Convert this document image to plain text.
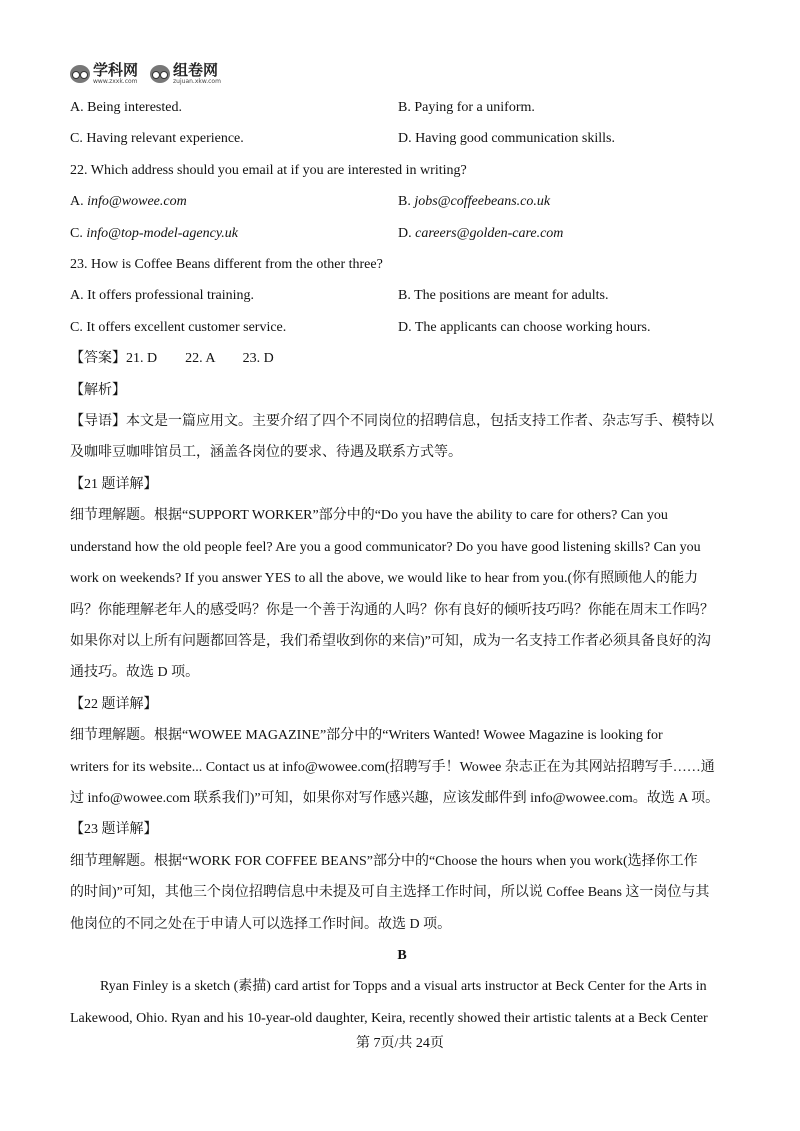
学科网
www.zxxk.com
组卷网
zujuan.xkw.com
A. Being interested.	B. Paying for a uniform.
C. Having relevant experience.	D. Having good communication skills.
22. Which address should you email at if you are interested in writing?
A. info@wowee.com	B. jobs@coffeebeans.co.uk
C. info@top-model-agency.uk	D. careers@golden-care.com
23. How is Coffee Beans different from the other three?
A. It offers professional training.	B. The positions are meant for adults.
C. It offers excellent customer service.	D. The applicants can choose working hours.
【答案】21. D        22. A        23. D
【解析】
【导语】本文是一篇应用文。主要介绍了四个不同岗位的招聘信息，包括支持工作者、杂志写手、模特以
及咖啡豆咖啡馆员工，涵盖各岗位的要求、待遇及联系方式等。
【21 题详解】
细节理解题。根据“SUPPORT WORKER”部分中的“Do you have the ability to care for others? Can you
understand how the old people feel? Are you a good communicator? Do you have good listening skills? Can you
work on weekends? If you answer YES to all the above, we would like to hear from you.(你有照顾他人的能力
吗？你能理解老年人的感受吗？你是一个善于沟通的人吗？你有良好的倾听技巧吗？你能在周末工作吗？
如果你对以上所有问题都回答是，我们希望收到你的来信)”可知，成为一名支持工作者必须具备良好的沟
通技巧。故选 D 项。
【22 题详解】
细节理解题。根据“WOWEE MAGAZINE”部分中的“Writers Wanted! Wowee Magazine is looking for
writers for its website... Contact us at info@wowee.com(招聘写手！Wowee 杂志正在为其网站招聘写手……通
过 info@wowee.com 联系我们)”可知，如果你对写作感兴趣，应该发邮件到 info@wowee.com。故选 A 项。
【23 题详解】
细节理解题。根据“WORK FOR COFFEE BEANS”部分中的“Choose the hours when you work(选择你工作
的时间)”可知，其他三个岗位招聘信息中未提及可自主选择工作时间，所以说 Coffee Beans 这一岗位与其
他岗位的不同之处在于申请人可以选择工作时间。故选 D 项。
B
Ryan Finley is a sketch (素描) card artist for Topps and a visual arts instructor at Beck Center for the Arts in
Lakewood, Ohio. Ryan and his 10-year-old daughter, Keira, recently showed their artistic talents at a Beck Center
第 7页/共 24页
